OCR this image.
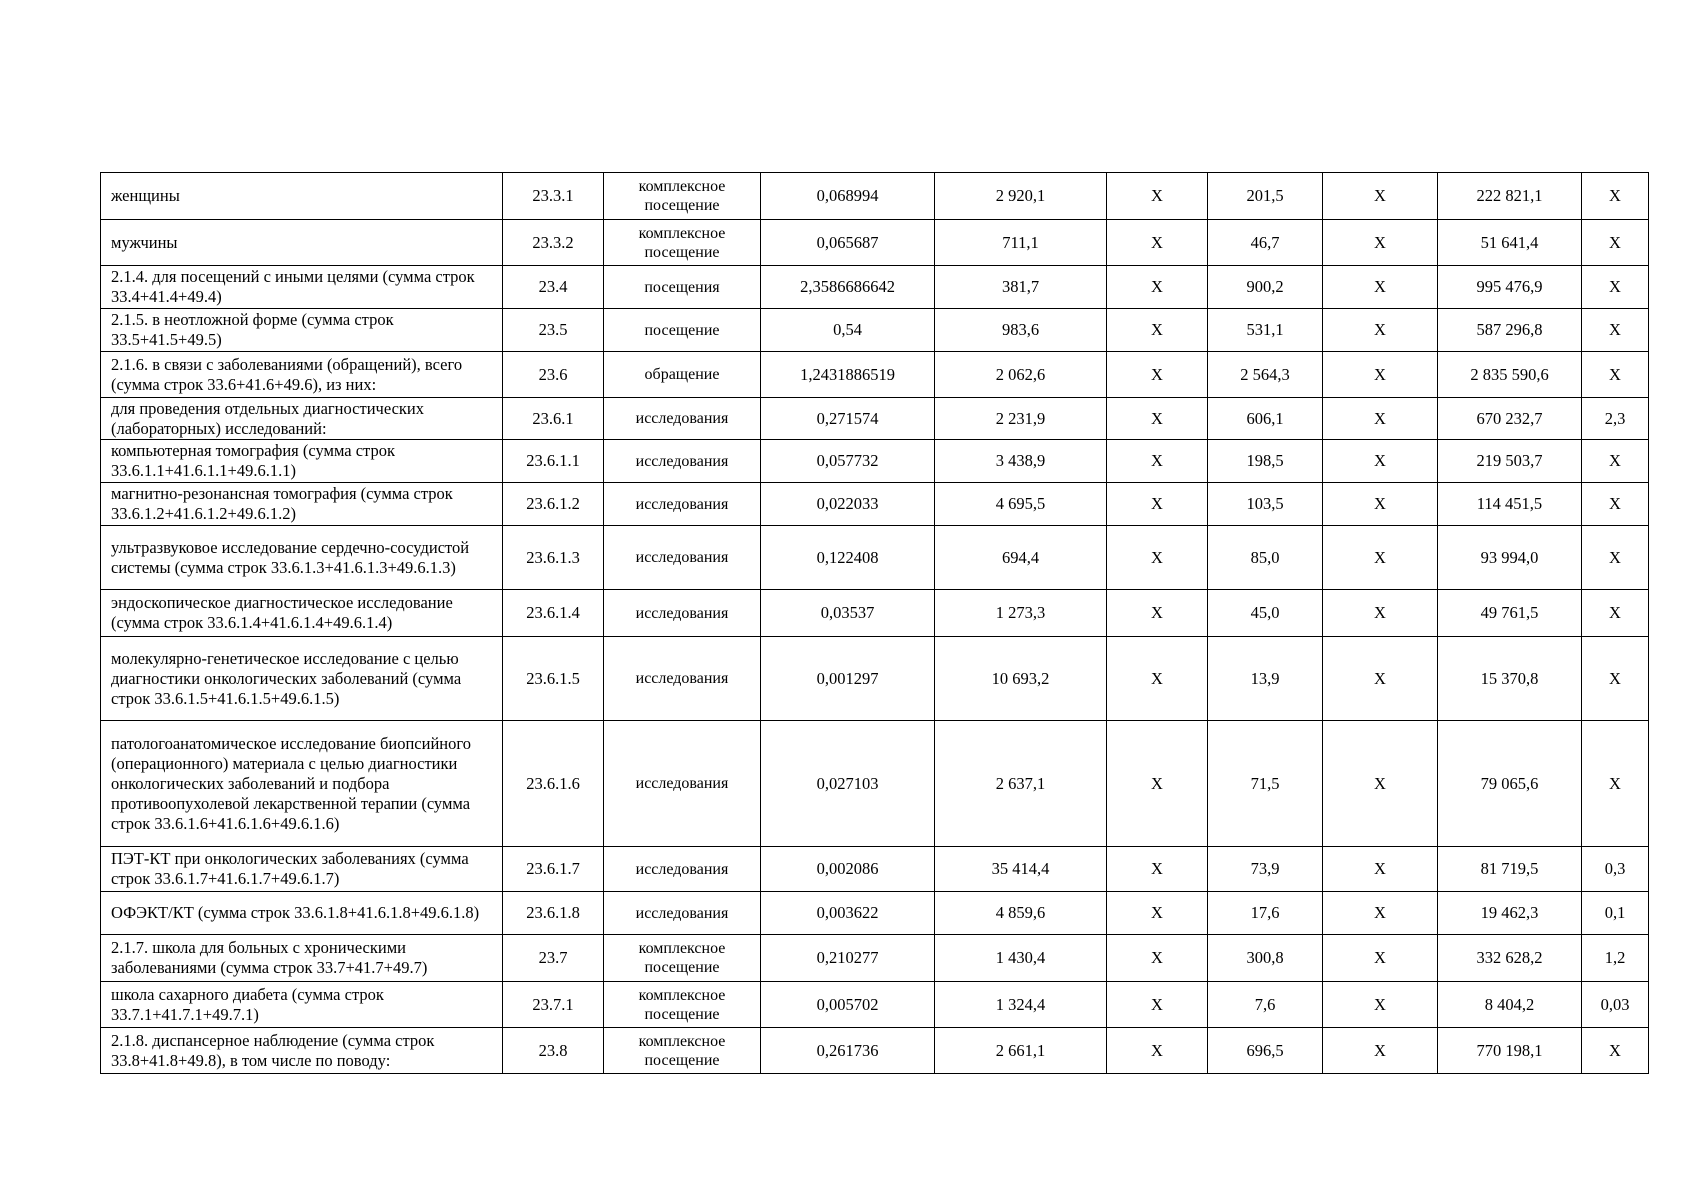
женщины	23.3.1	комплексное посещение	0,068994	2 920,1	Х	201,5	Х	222 821,1	Х
мужчины	23.3.2	комплексное посещение	0,065687	711,1	Х	46,7	Х	51 641,4	Х
2.1.4. для посещений с иными целями (сумма строк 33.4+41.4+49.4)	23.4	посещения	2,3586686642	381,7	Х	900,2	Х	995 476,9	Х
2.1.5. в неотложной форме (сумма строк 33.5+41.5+49.5)	23.5	посещение	0,54	983,6	Х	531,1	Х	587 296,8	Х
2.1.6. в связи с заболеваниями (обращений), всего (сумма строк 33.6+41.6+49.6), из них:	23.6	обращение	1,2431886519	2 062,6	Х	2 564,3	Х	2 835 590,6	Х
для проведения отдельных диагностических (лабораторных) исследований:	23.6.1	исследования	0,271574	2 231,9	Х	606,1	Х	670 232,7	2,3
компьютерная томография (сумма строк 33.6.1.1+41.6.1.1+49.6.1.1)	23.6.1.1	исследования	0,057732	3 438,9	Х	198,5	Х	219 503,7	Х
магнитно-резонансная томография (сумма строк 33.6.1.2+41.6.1.2+49.6.1.2)	23.6.1.2	исследования	0,022033	4 695,5	Х	103,5	Х	114 451,5	Х
ультразвуковое исследование сердечно-сосудистой системы (сумма строк 33.6.1.3+41.6.1.3+49.6.1.3)	23.6.1.3	исследования	0,122408	694,4	Х	85,0	Х	93 994,0	Х
эндоскопическое диагностическое исследование (сумма строк 33.6.1.4+41.6.1.4+49.6.1.4)	23.6.1.4	исследования	0,03537	1 273,3	Х	45,0	Х	49 761,5	Х
молекулярно-генетическое исследование с целью диагностики онкологических заболеваний (сумма строк 33.6.1.5+41.6.1.5+49.6.1.5)	23.6.1.5	исследования	0,001297	10 693,2	Х	13,9	Х	15 370,8	Х
патологоанатомическое исследование биопсийного (операционного) материала с целью диагностики онкологических заболеваний и подбора противоопухолевой лекарственной терапии (сумма строк 33.6.1.6+41.6.1.6+49.6.1.6)	23.6.1.6	исследования	0,027103	2 637,1	Х	71,5	Х	79 065,6	Х
ПЭТ-КТ при онкологических заболеваниях (сумма строк 33.6.1.7+41.6.1.7+49.6.1.7)	23.6.1.7	исследования	0,002086	35 414,4	Х	73,9	Х	81 719,5	0,3
ОФЭКТ/КТ (сумма строк 33.6.1.8+41.6.1.8+49.6.1.8)	23.6.1.8	исследования	0,003622	4 859,6	Х	17,6	Х	19 462,3	0,1
2.1.7. школа для больных с хроническими заболеваниями (сумма строк 33.7+41.7+49.7)	23.7	комплексное посещение	0,210277	1 430,4	Х	300,8	Х	332 628,2	1,2
школа сахарного диабета (сумма строк 33.7.1+41.7.1+49.7.1)	23.7.1	комплексное посещение	0,005702	1 324,4	Х	7,6	Х	8 404,2	0,03
2.1.8. диспансерное наблюдение (сумма строк 33.8+41.8+49.8), в том числе по поводу:	23.8	комплексное посещение	0,261736	2 661,1	Х	696,5	Х	770 198,1	Х
